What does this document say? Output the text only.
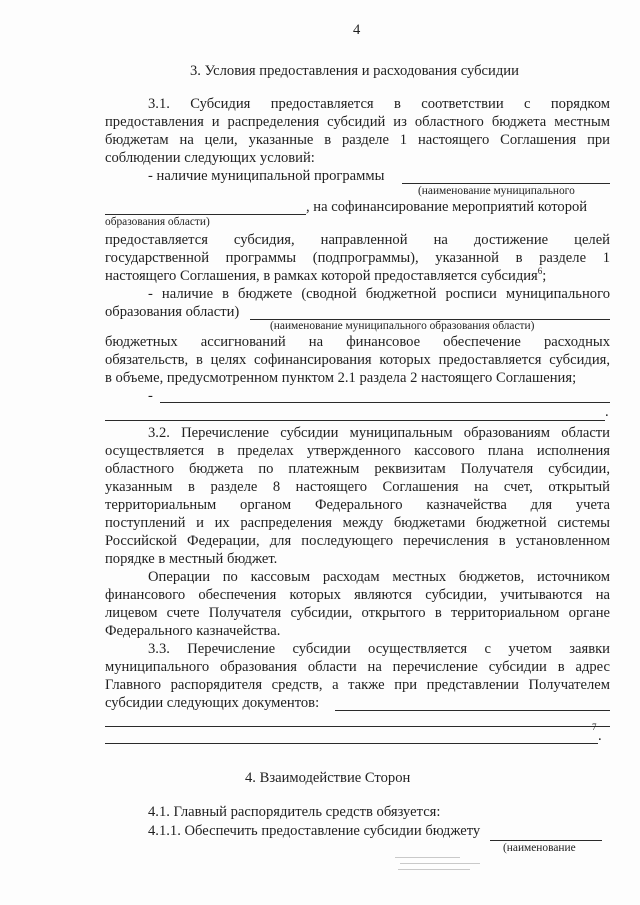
4
3. Условия предоставления и расходования субсидии
3.1. Субсидия предоставляется в соответствии с порядком
предоставления и распределения субсидий из областного бюджета местным
бюджетам на цели, указанные в разделе 1 настоящего Соглашения при
соблюдении следующих условий:
- наличие муниципальной программы
(наименование муниципального
, на софинансирование мероприятий которой
образования области)
предоставляется субсидия, направленной на достижение целей
государственной программы (подпрограммы), указанной в разделе 1
настоящего Соглашения, в рамках которой предоставляется субсидия$^6$;
- наличие в бюджете (сводной бюджетной росписи муниципального
образования области)
(наименование муниципального образования области)
бюджетных ассигнований на финансовое обеспечение расходных
обязательств, в целях софинансирования которых предоставляется субсидия,
в объеме, предусмотренном пунктом 2.1 раздела 2 настоящего Соглашения;
-
.
3.2. Перечисление субсидии муниципальным образованиям области
осуществляется в пределах утвержденного кассового плана исполнения
областного бюджета по платежным реквизитам Получателя субсидии,
указанным в разделе 8 настоящего Соглашения на счет, открытый
территориальным органом Федерального казначейства для учета
поступлений и их распределения между бюджетами бюджетной системы
Российской Федерации, для последующего перечисления в установленном
порядке в местный бюджет.
Операции по кассовым расходам местных бюджетов, источником
финансового обеспечения которых являются субсидии, учитываются на
лицевом счете Получателя субсидии, открытого в территориальном органе
Федерального казначейства.
3.3. Перечисление субсидии осуществляется с учетом заявки
муниципального образования области на перечисление субсидии в адрес
Главного распорядителя средств, а также при представлении Получателем
субсидии следующих документов:
7
.
4. Взаимодействие Сторон
4.1. Главный распорядитель средств обязуется:
4.1.1. Обеспечить предоставление субсидии бюджету
(наименование
